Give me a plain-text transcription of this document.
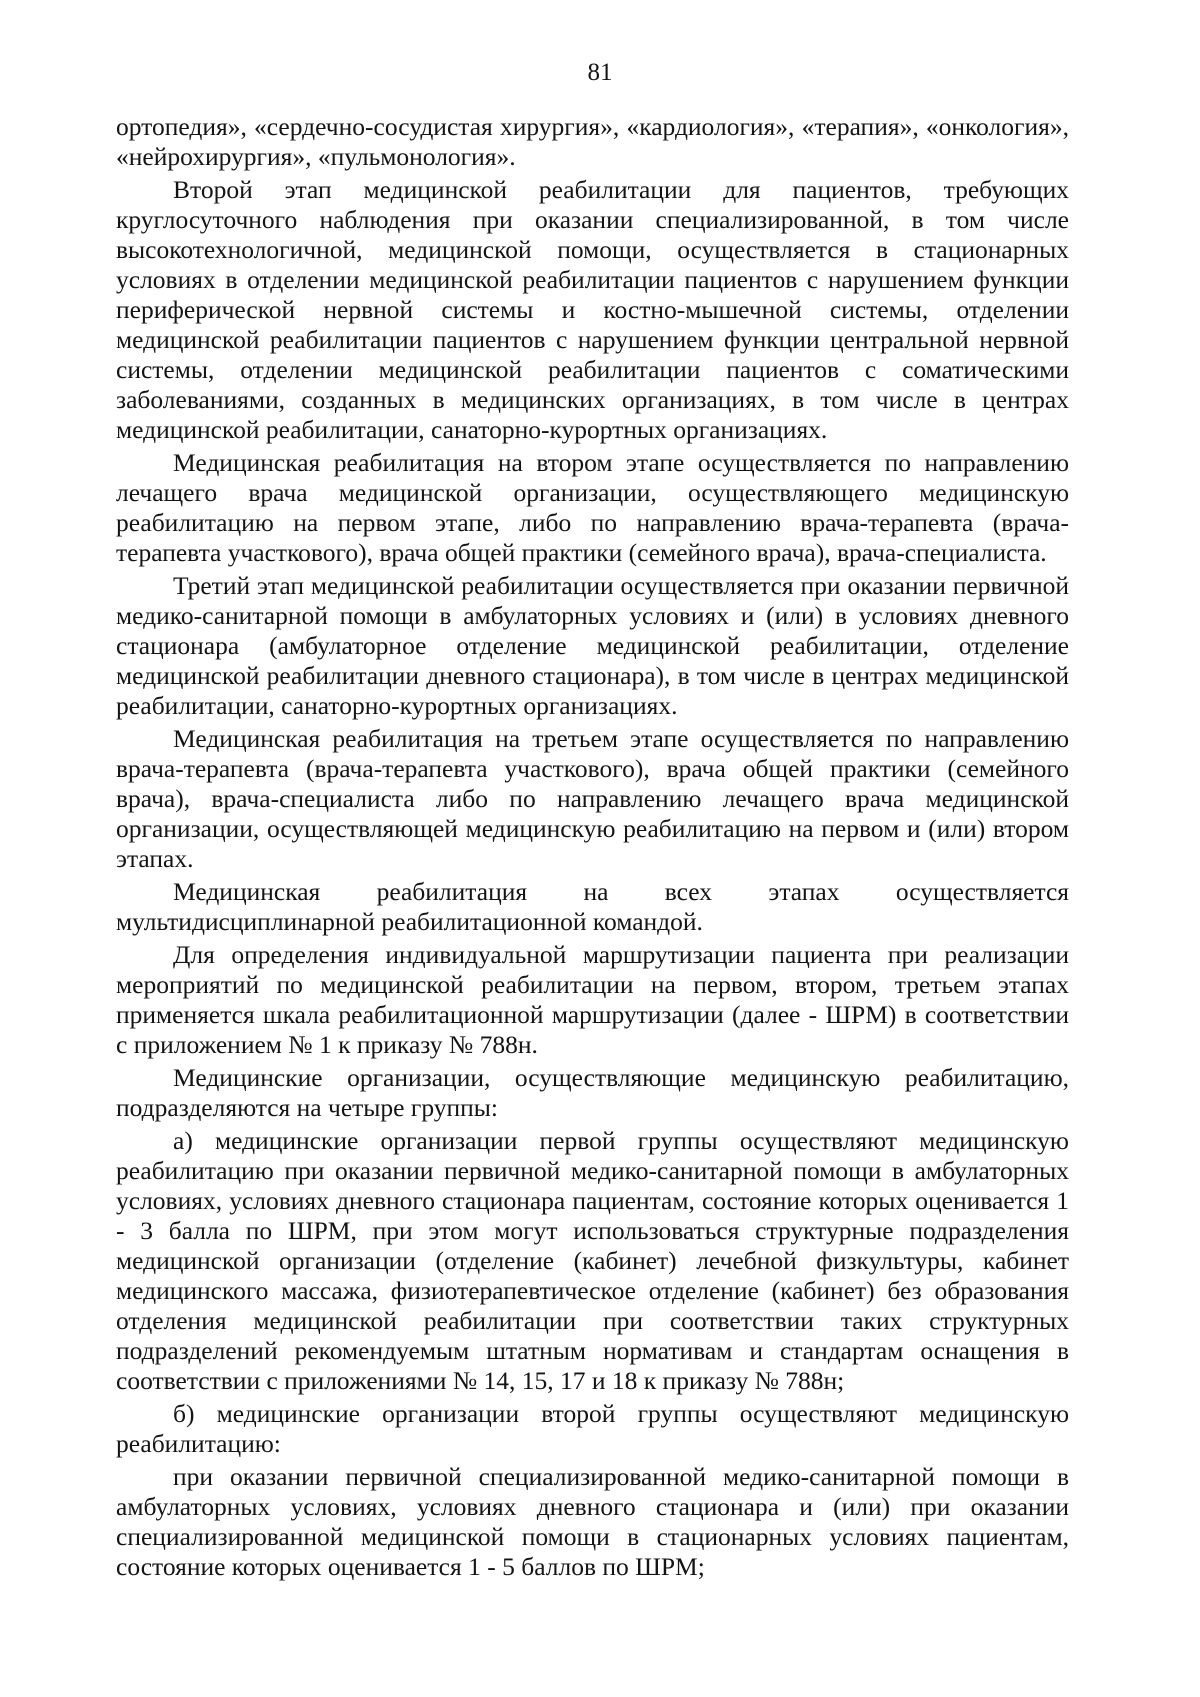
81

ортопедия», «сердечно-сосудистая хирургия», «кардиология», «терапия», «онкология», «нейрохирургия», «пульмонология».

Второй этап медицинской реабилитации для пациентов, требующих круглосуточного наблюдения при оказании специализированной, в том числе высокотехнологичной, медицинской помощи, осуществляется в стационарных условиях в отделении медицинской реабилитации пациентов с нарушением функции периферической нервной системы и костно-мышечной системы, отделении медицинской реабилитации пациентов с нарушением функции центральной нервной системы, отделении медицинской реабилитации пациентов с соматическими заболеваниями, созданных в медицинских организациях, в том числе в центрах медицинской реабилитации, санаторно-курортных организациях.

Медицинская реабилитация на втором этапе осуществляется по направлению лечащего врача медицинской организации, осуществляющего медицинскую реабилитацию на первом этапе, либо по направлению врача-терапевта (врача-терапевта участкового), врача общей практики (семейного врача), врача-специалиста.

Третий этап медицинской реабилитации осуществляется при оказании первичной медико-санитарной помощи в амбулаторных условиях и (или) в условиях дневного стационара (амбулаторное отделение медицинской реабилитации, отделение медицинской реабилитации дневного стационара), в том числе в центрах медицинской реабилитации, санаторно-курортных организациях.

Медицинская реабилитация на третьем этапе осуществляется по направлению врача-терапевта (врача-терапевта участкового), врача общей практики (семейного врача), врача-специалиста либо по направлению лечащего врача медицинской организации, осуществляющей медицинскую реабилитацию на первом и (или) втором этапах.

Медицинская реабилитация на всех этапах осуществляется мультидисциплинарной реабилитационной командой.

Для определения индивидуальной маршрутизации пациента при реализации мероприятий по медицинской реабилитации на первом, втором, третьем этапах применяется шкала реабилитационной маршрутизации (далее - ШРМ) в соответствии с приложением № 1 к приказу № 788н.

Медицинские организации, осуществляющие медицинскую реабилитацию, подразделяются на четыре группы:

а) медицинские организации первой группы осуществляют медицинскую реабилитацию при оказании первичной медико-санитарной помощи в амбулаторных условиях, условиях дневного стационара пациентам, состояние которых оценивается 1 - 3 балла по ШРМ, при этом могут использоваться структурные подразделения медицинской организации (отделение (кабинет) лечебной физкультуры, кабинет медицинского массажа, физиотерапевтическое отделение (кабинет) без образования отделения медицинской реабилитации при соответствии таких структурных подразделений рекомендуемым штатным нормативам и стандартам оснащения в соответствии с приложениями № 14, 15, 17 и 18 к приказу № 788н;

б) медицинские организации второй группы осуществляют медицинскую реабилитацию:

при оказании первичной специализированной медико-санитарной помощи в амбулаторных условиях, условиях дневного стационара и (или) при оказании специализированной медицинской помощи в стационарных условиях пациентам, состояние которых оценивается 1 - 5 баллов по ШРМ;
